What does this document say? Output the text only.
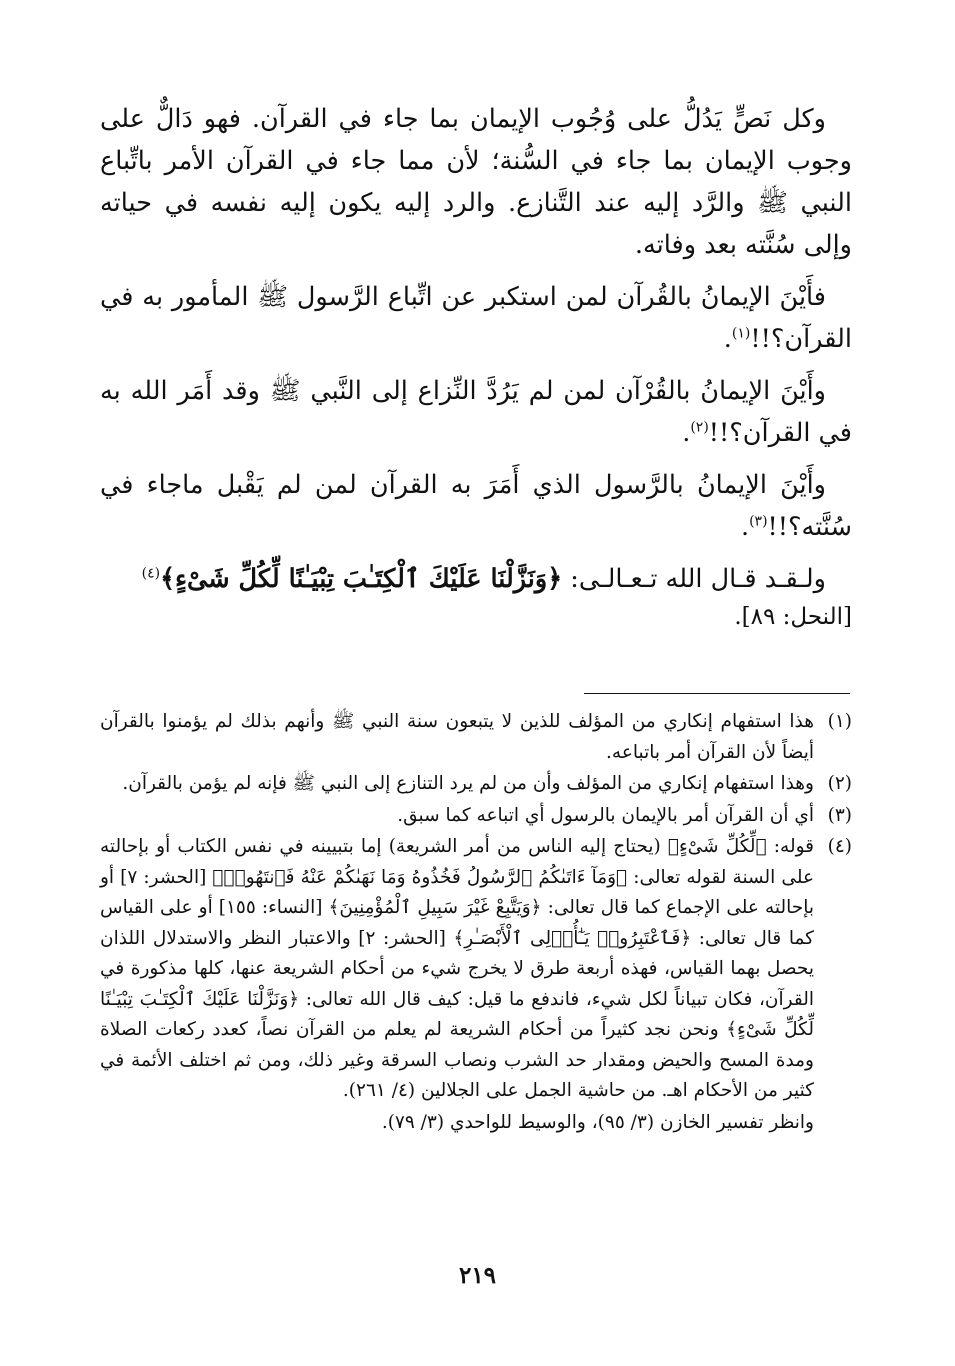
وكل نَصٍّ يَدُلُّ على وُجُوب الإيمان بما جاء في القرآن. فهو دَالٌّ على وجوب الإيمان بما جاء في السُّنة؛ لأن مما جاء في القرآن الأمر باتِّباع النبي ﷺ والرَّد إليه عند التَّنازع. والرد إليه يكون إليه نفسه في حياته وإلى سُنَّته بعد وفاته.

فأَيْنَ الإيمانُ بالقُرآن لمن استكبر عن اتِّباع الرَّسول ﷺ المأمور به في القرآن؟!!$^{(١)}$.

وأَيْنَ الإيمانُ بالقُرْآن لمن لم يَرُدَّ النِّزاع إلى النَّبي ﷺ وقد أَمَر الله به في القرآن؟!!$^{(٢)}$.

وأَيْنَ الإيمانُ بالرَّسول الذي أَمَرَ به القرآن لمن لم يَقْبل ماجاء في سُنَّته؟!!$^{(٣)}$.

ولـقـد قـال الله تـعـالـى: ﴿وَنَزَّلْنَا عَلَيْكَ ٱلْكِتَـٰبَ تِبْيَـٰنًا لِّكُلِّ شَىْءٍ﴾$^{(٤)}$

[النحل: ٨٩].

(١)
هذا استفهام إنكاري من المؤلف للذين لا يتبعون سنة النبي ﷺ وأنهم بذلك لم يؤمنوا بالقرآن أيضاً لأن القرآن أمر باتباعه.
(٢)
وهذا استفهام إنكاري من المؤلف وأن من لم يرد التنازع إلى النبي ﷺ فإنه لم يؤمن بالقرآن.
(٣)
أي أن القرآن أمر بالإيمان بالرسول أي اتباعه كما سبق.
(٤)
قوله: ﴿لِّكُلِّ شَىْءٍ﴾ (يحتاج إليه الناس من أمر الشريعة) إما بتبيينه في نفس الكتاب أو بإحالته على السنة لقوله تعالى: ﴿وَمَآ ءَاتَىٰكُمُ ٱلرَّسُولُ فَخُذُوهُ وَمَا نَهَىٰكُمْ عَنْهُ فَٱنتَهُوا۟﴾ [الحشر: ٧] أو بإحالته على الإجماع كما قال تعالى: ﴿وَيَتَّبِعْ غَيْرَ سَبِيلِ ٱلْمُؤْمِنِينَ﴾ [النساء: ١٥٥] أو على القياس كما قال تعالى: ﴿فَٱعْتَبِرُوا۟ يَـٰٓأُو۟لِى ٱلْأَبْصَـٰرِ﴾ [الحشر: ٢] والاعتبار النظر والاستدلال اللذان يحصل بهما القياس، فهذه أربعة طرق لا يخرج شيء من أحكام الشريعة عنها، كلها مذكورة في القرآن، فكان تبياناً لكل شيء، فاندفع ما قيل: كيف قال الله تعالى: ﴿وَنَزَّلْنَا عَلَيْكَ ٱلْكِتَـٰبَ تِبْيَـٰنًا لِّكُلِّ شَىْءٍ﴾ ونحن نجد كثيراً من أحكام الشريعة لم يعلم من القرآن نصاً، كعدد ركعات الصلاة ومدة المسح والحيض ومقدار حد الشرب ونصاب السرقة وغير ذلك، ومن ثم اختلف الأئمة في كثير من الأحكام اهـ. من حاشية الجمل على الجلالين (٤/ ٢٦١).
وانظر تفسير الخازن (٣/ ٩٥)، والوسيط للواحدي (٣/ ٧٩).
٢١٩
